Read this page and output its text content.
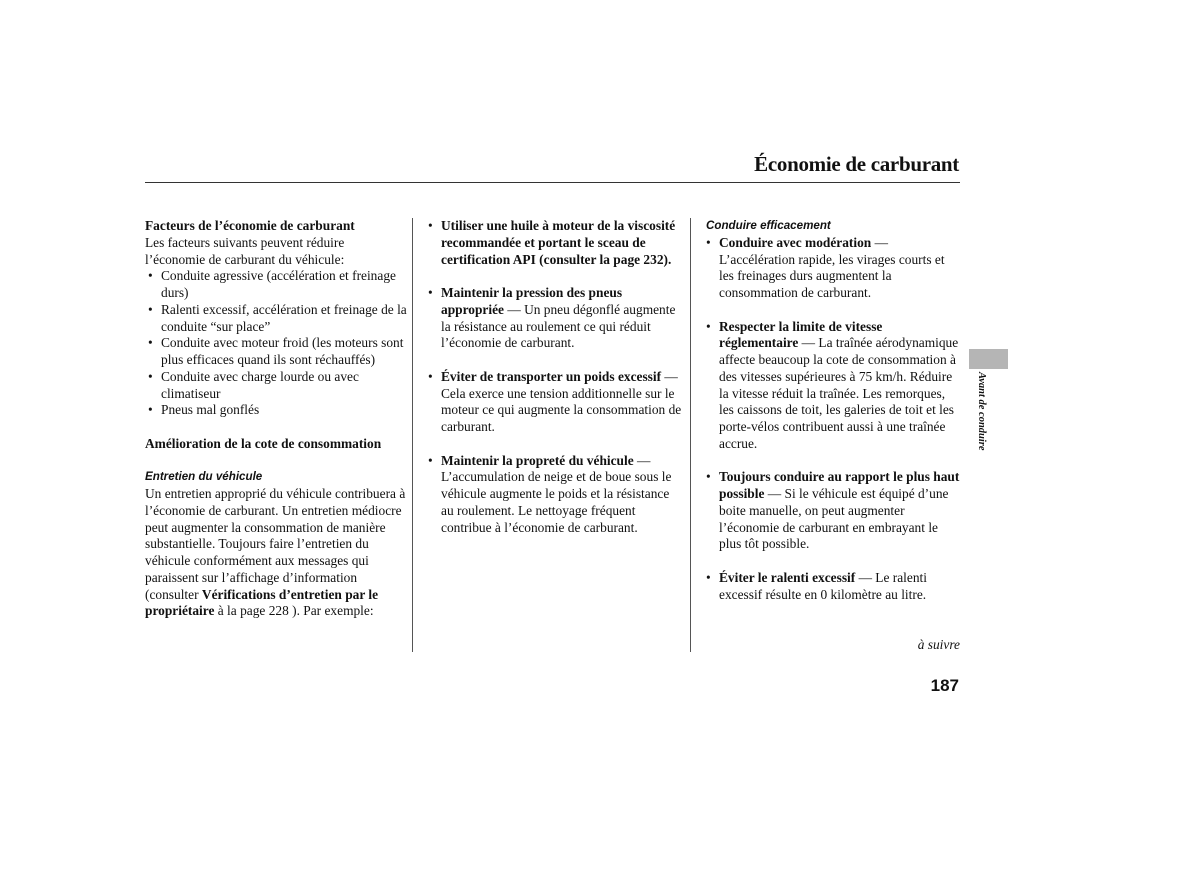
Économie de carburant

Facteurs de l’économie de carburant

Les facteurs suivants peuvent réduire l’économie de carburant du véhicule:

• Conduite agressive (accélération et freinage durs)
• Ralenti excessif, accélération et freinage de la conduite “sur place”
• Conduite avec moteur froid (les moteurs sont plus efficaces quand ils sont réchauffés)
• Conduite avec charge lourde ou avec climatiseur
• Pneus mal gonflés

Amélioration de la cote de consommation

Entretien du véhicule

Un entretien approprié du véhicule contribuera à l’économie de carburant. Un entretien médiocre peut augmenter la consommation de manière substantielle. Toujours faire l’entretien du véhicule conformément aux messages qui paraissent sur l’affichage d’information (consulter Vérifications d’entretien par le propriétaire à la page 228 ). Par exemple:

• Utiliser une huile à moteur de la viscosité recommandée et portant le sceau de certification API (consulter la page 232).
• Maintenir la pression des pneus appropriée — Un pneu dégonflé augmente la résistance au roulement ce qui réduit l’économie de carburant.
• Éviter de transporter un poids excessif — Cela exerce une tension additionnelle sur le moteur ce qui augmente la consommation de carburant.
• Maintenir la propreté du véhicule — L’accumulation de neige et de boue sous le véhicule augmente le poids et la résistance au roulement. Le nettoyage fréquent contribue à l’économie de carburant.

Conduire efficacement

• Conduire avec modération — L’accélération rapide, les virages courts et les freinages durs augmentent la consommation de carburant.
• Respecter la limite de vitesse réglementaire — La traînée aérodynamique affecte beaucoup la cote de consommation à des vitesses supérieures à 75 km/h. Réduire la vitesse réduit la traînée. Les remorques, les caissons de toit, les galeries de toit et les porte-vélos contribuent aussi à une traînée accrue.
• Toujours conduire au rapport le plus haut possible — Si le véhicule est équipé d’une boite manuelle, on peut augmenter l’économie de carburant en embrayant le plus tôt possible.
• Éviter le ralenti excessif — Le ralenti excessif résulte en 0 kilomètre au litre.
Avant de conduire
à suivre
187
